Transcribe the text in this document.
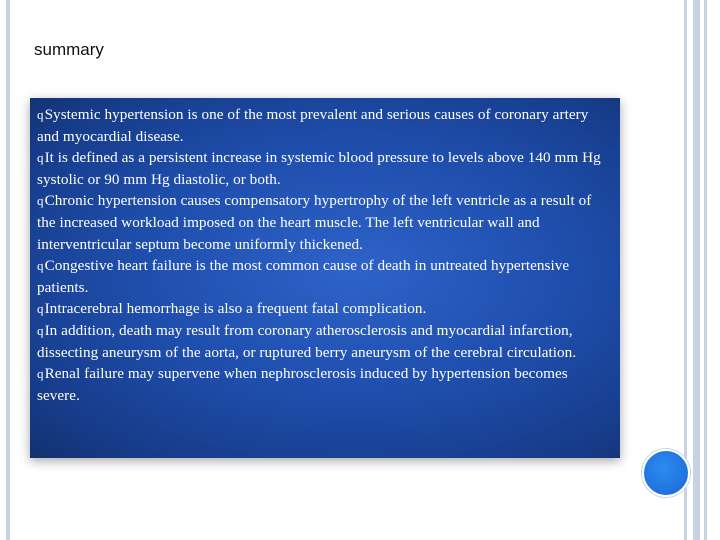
summary
qSystemic hypertension is one of the most prevalent and serious causes of coronary artery and myocardial disease.
qIt is defined as a persistent increase in systemic blood pressure to levels above 140 mm Hg systolic or 90 mm Hg diastolic, or both.
qChronic hypertension causes compensatory hypertrophy of the left ventricle as a result of the increased workload imposed on the heart muscle. The left ventricular wall and interventricular septum become uniformly thickened.
qCongestive heart failure is the most common cause of death in untreated hypertensive patients.
qIntracerebral hemorrhage is also a frequent fatal complication.
qIn addition, death may result from coronary atherosclerosis and myocardial infarction, dissecting aneurysm of the aorta, or ruptured berry aneurysm of the cerebral circulation.
qRenal failure may supervene when nephrosclerosis induced by hypertension becomes severe.
